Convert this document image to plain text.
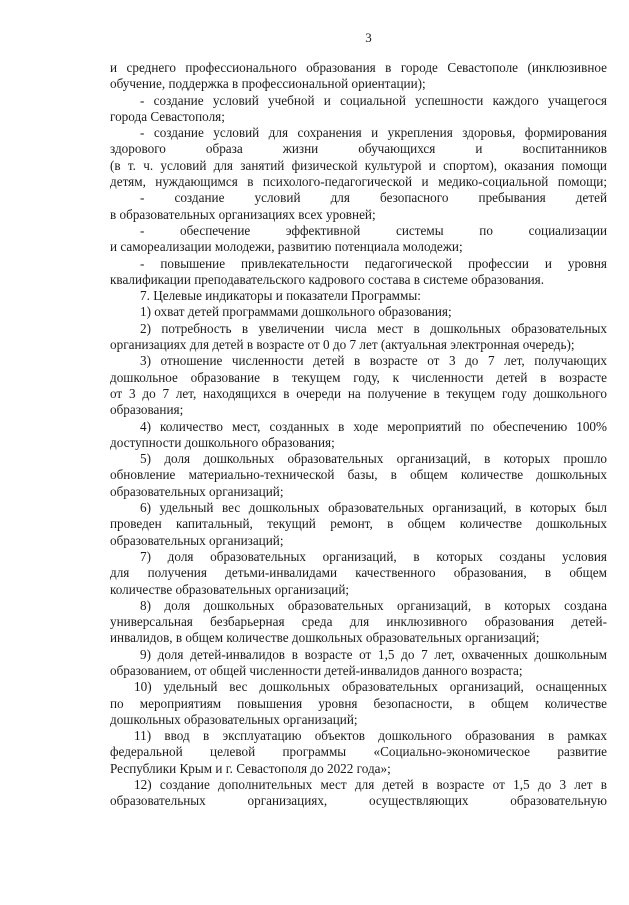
3
и среднего профессионального образования в городе Севастополе (инклюзивное
обучение, поддержка в профессиональной ориентации);
- создание условий учебной и социальной успешности каждого учащегося
города Севастополя;
- создание условий для сохранения и укрепления здоровья, формирования
здорового образа жизни обучающихся и воспитанников
(в т. ч. условий для занятий физической культурой и спортом), оказания помощи
детям, нуждающимся в психолого-педагогической и медико-социальной помощи;
- создание условий для безопасного пребывания детей
в образовательных организациях всех уровней;
- обеспечение эффективной системы по социализации
и самореализации молодежи, развитию потенциала молодежи;
- повышение привлекательности педагогической профессии и уровня
квалификации преподавательского кадрового состава в системе образования.
7. Целевые индикаторы и показатели Программы:
1) охват детей программами дошкольного образования;
2) потребность в увеличении числа мест в дошкольных образовательных
организациях для детей в возрасте от 0 до 7 лет (актуальная электронная очередь);
3) отношение численности детей в возрасте от 3 до 7 лет, получающих
дошкольное образование в текущем году, к численности детей в возрасте
от 3 до 7 лет, находящихся в очереди на получение в текущем году дошкольного
образования;
4) количество мест, созданных в ходе мероприятий по обеспечению 100%
доступности дошкольного образования;
5) доля дошкольных образовательных организаций, в которых прошло
обновление материально-технической базы, в общем количестве дошкольных
образовательных организаций;
6) удельный вес дошкольных образовательных организаций, в которых был
проведен капитальный, текущий ремонт, в общем количестве дошкольных
образовательных организаций;
7) доля образовательных организаций, в которых созданы условия
для получения детьми-инвалидами качественного образования, в общем
количестве образовательных организаций;
8) доля дошкольных образовательных организаций, в которых создана
универсальная безбарьерная среда для инклюзивного образования детей-
инвалидов, в общем количестве дошкольных образовательных организаций;
9) доля детей-инвалидов в возрасте от 1,5 до 7 лет, охваченных дошкольным
образованием, от общей численности детей-инвалидов данного возраста;
10) удельный вес дошкольных образовательных организаций, оснащенных
по мероприятиям повышения уровня безопасности, в общем количестве
дошкольных образовательных организаций;
11) ввод в эксплуатацию объектов дошкольного образования в рамках
федеральной целевой программы «Социально-экономическое развитие
Республики Крым и г. Севастополя до 2022 года»;
12) создание дополнительных мест для детей в возрасте от 1,5 до 3 лет в
образовательных организациях, осуществляющих образовательную
